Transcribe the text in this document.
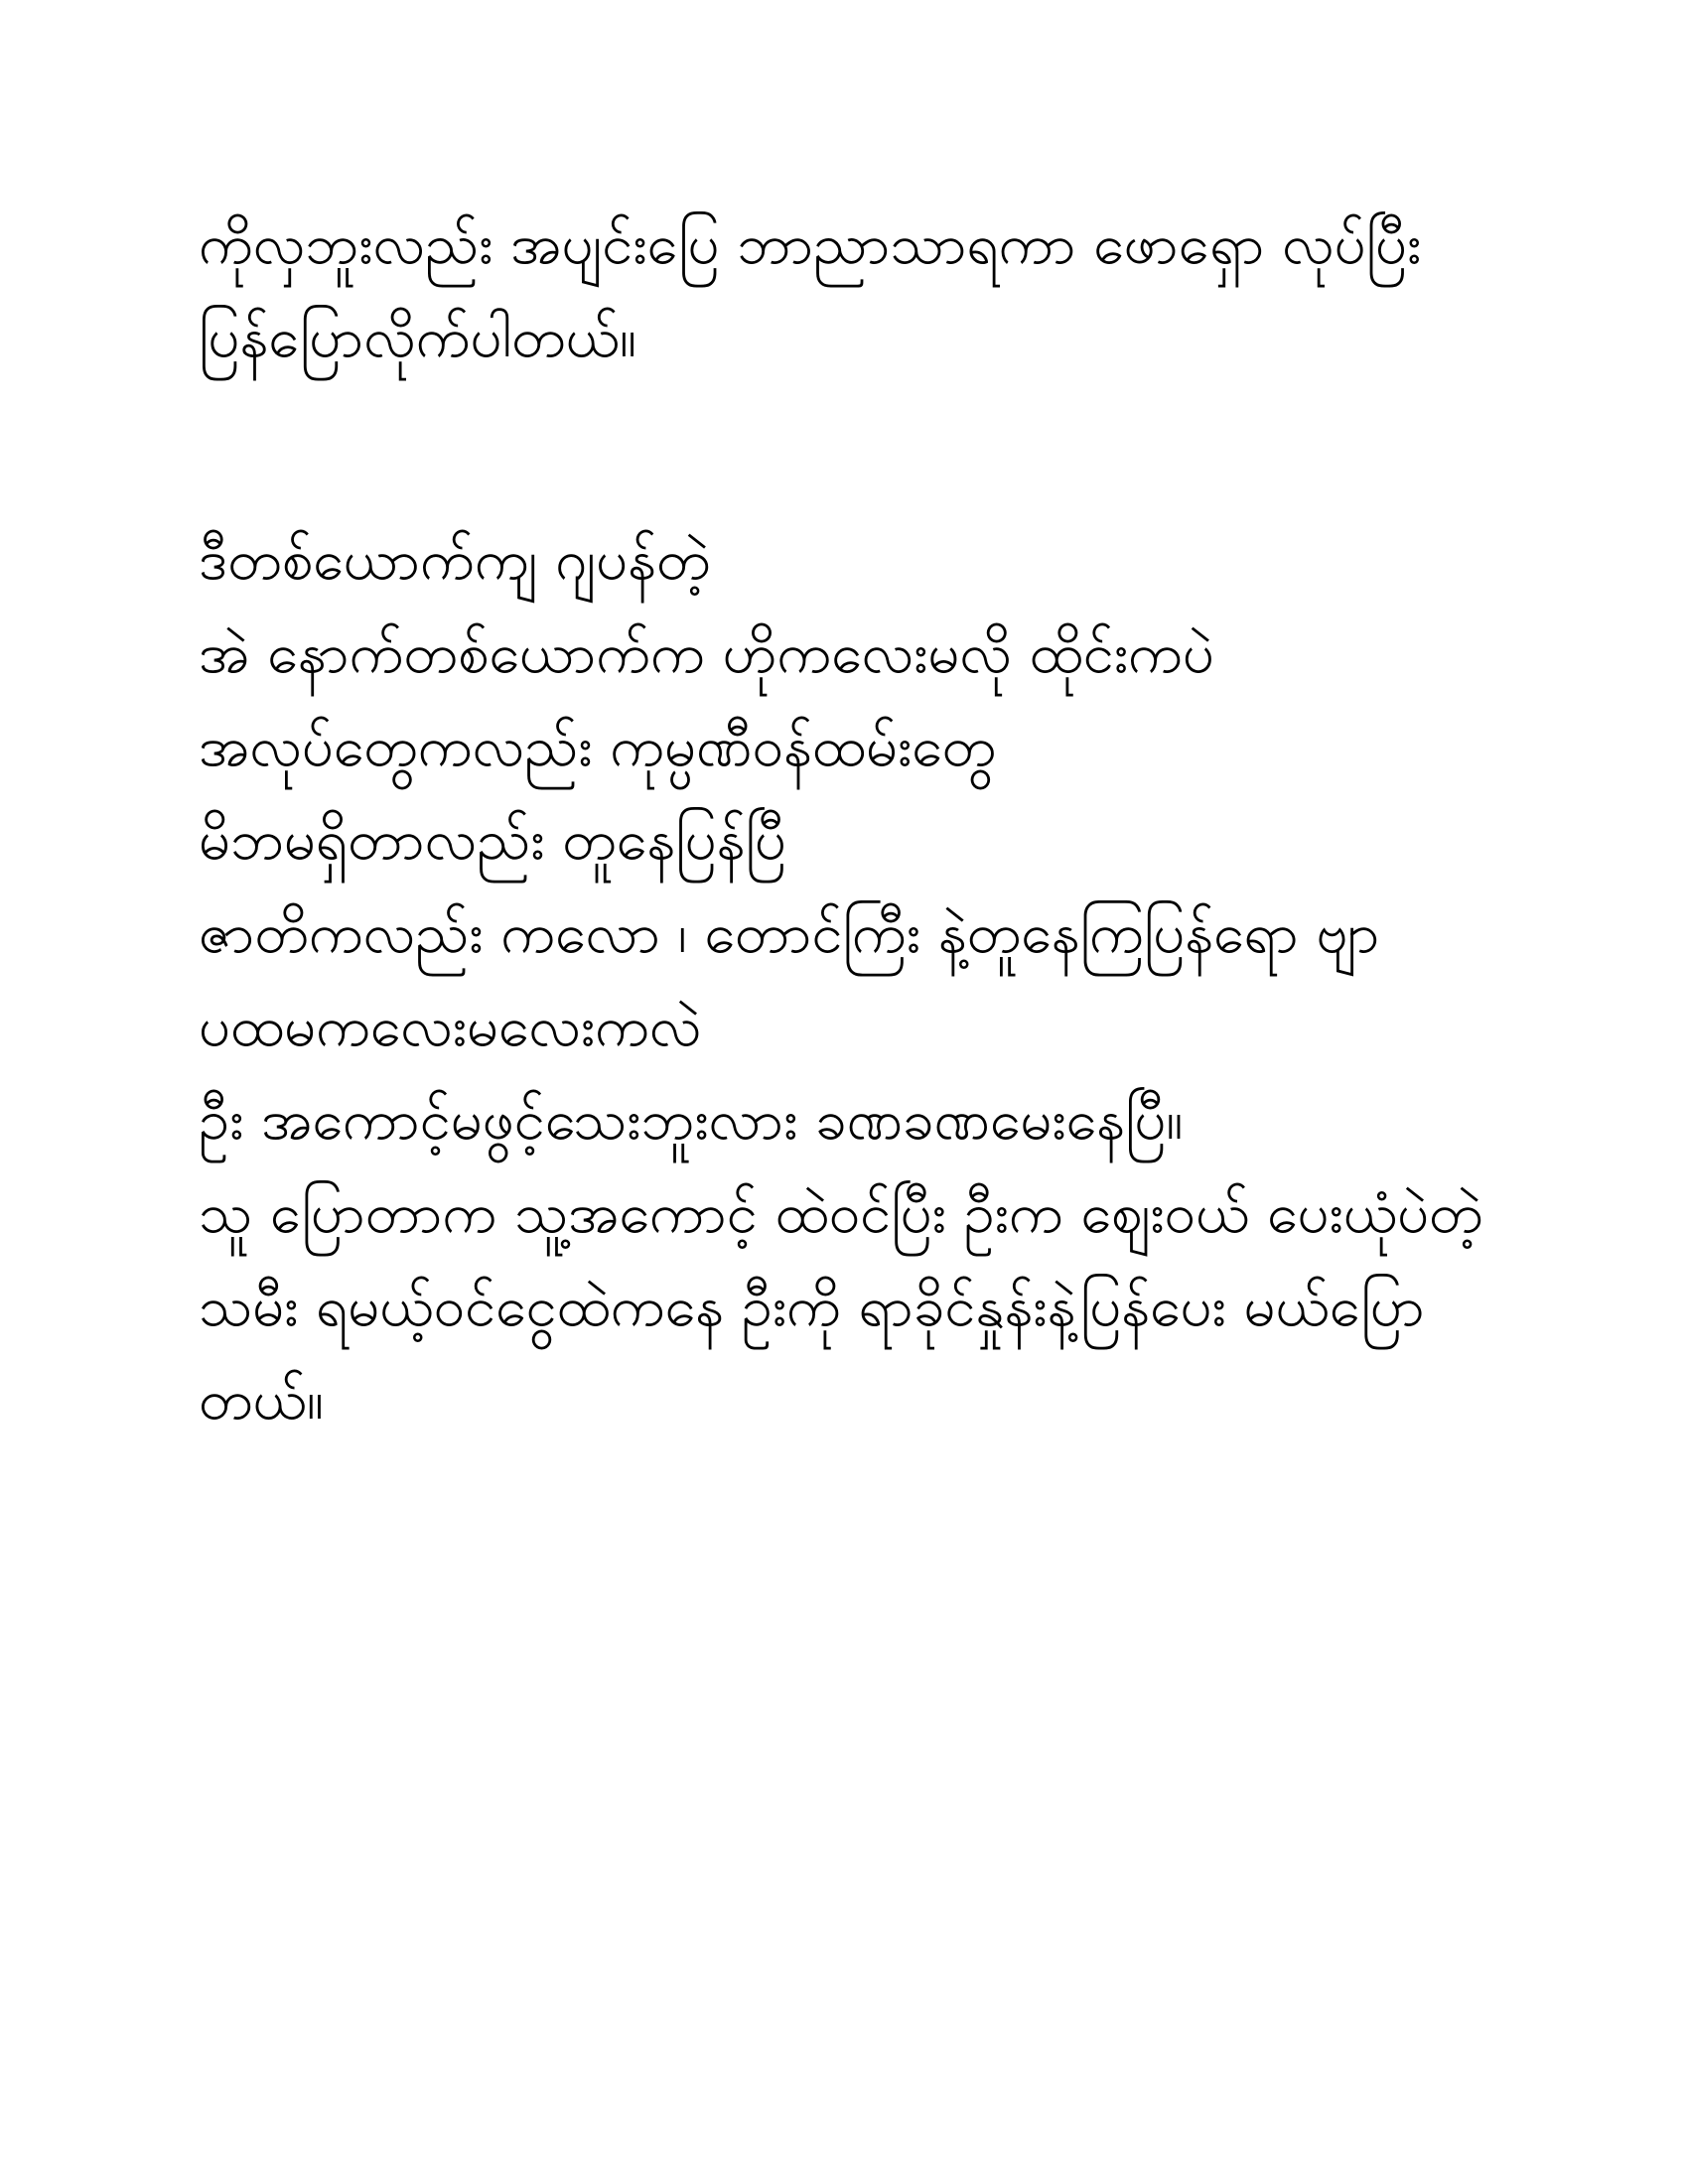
ကိုလှဘူးလည်း အပျင်းပြေ ဘာညာသာရကာ ဖောရှော လုပ်ပြီး ပြန်ပြောလိုက်ပါတယ်။

ဒီတစ်ယောက်ကျ ဂျပန်တဲ့

အဲ နောက်တစ်ယောက်က ဟိုကလေးမလို ထိုင်းကပဲ

အလုပ်တွေကလည်း ကုမ္ပဏီဝန်ထမ်းတွေ

မိဘမရှိတာလည်း တူနေပြန်ပြီ

ဇာတိကလည်း ကလော ၊ တောင်ကြီး နဲ့တူနေကြပြန်ရော ဗျာ

ပထမကလေးမလေးကလဲ

ဦး အကောင့်မဖွင့်သေးဘူးလား ခဏခဏမေးနေပြီ။

သူ ပြောတာက သူ့အကောင့် ထဲဝင်ပြီး ဦးက ဈေးဝယ် ပေးယုံပဲတဲ့

သမီး ရမယ့်ဝင်ငွေထဲကနေ ဦးကို ရာခိုင်နှုန်းနဲ့ပြန်ပေး မယ်ပြောတယ်။
